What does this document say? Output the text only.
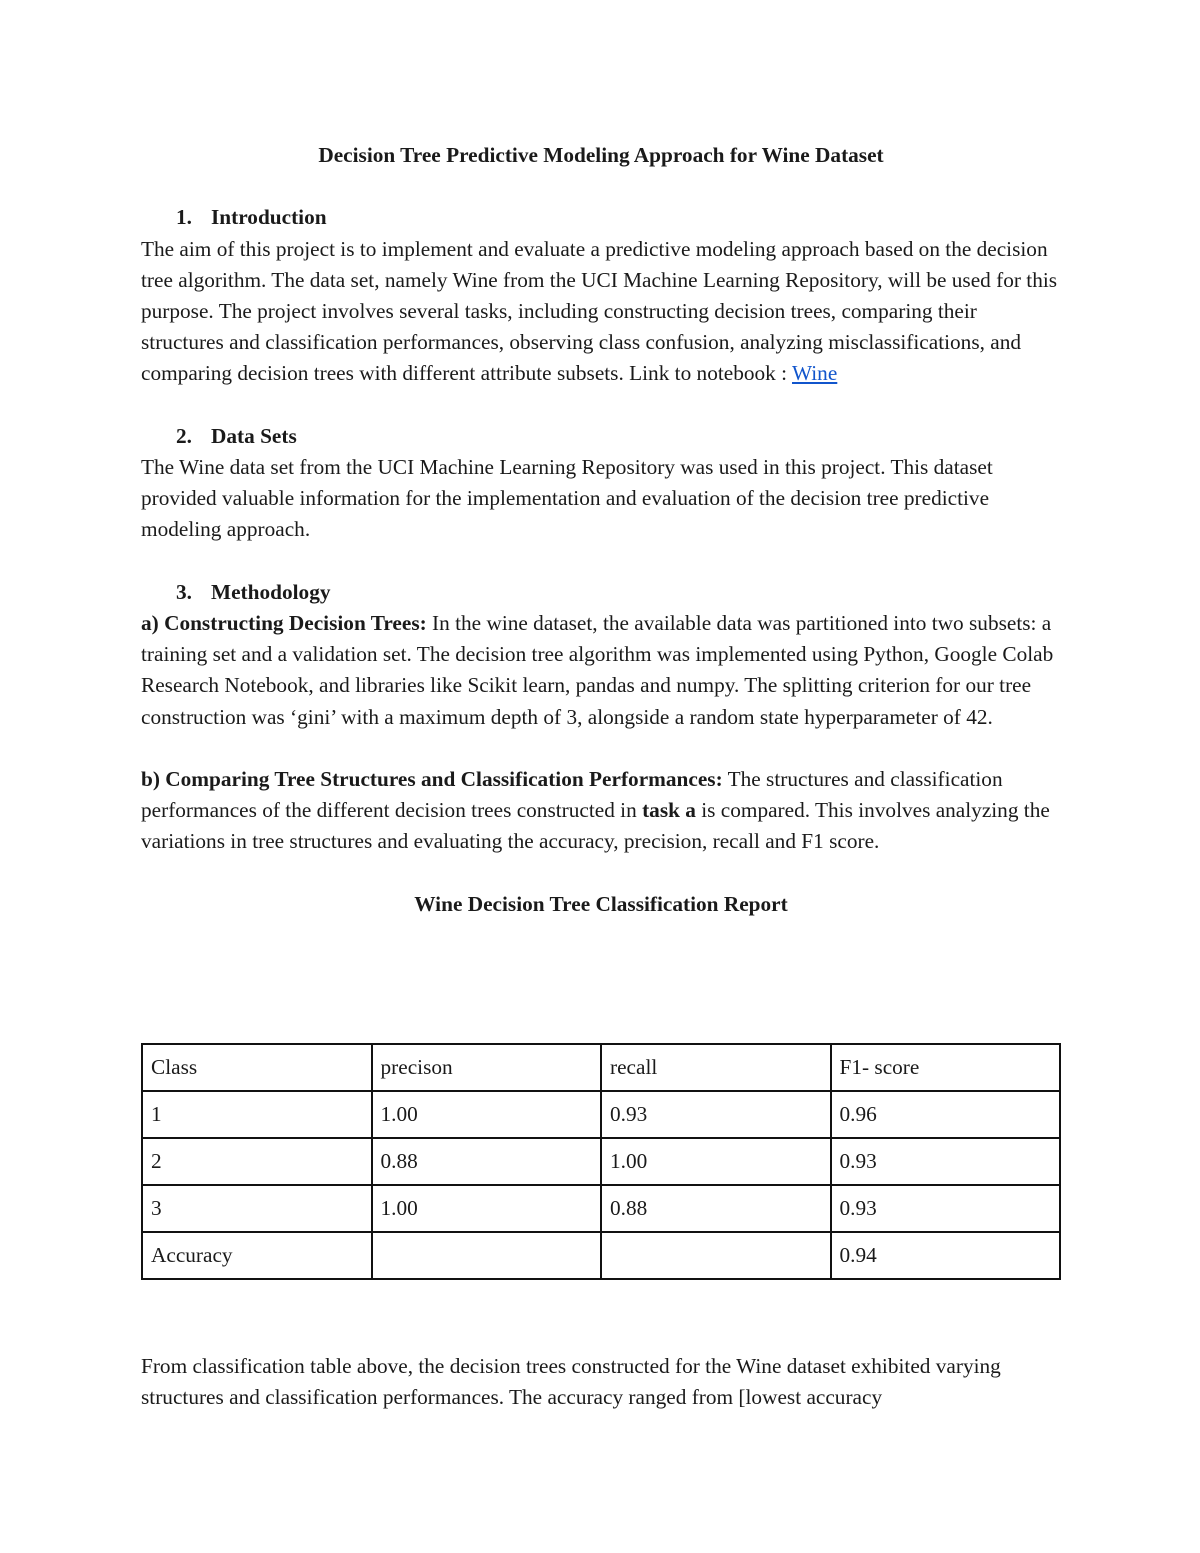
Decision Tree Predictive Modeling Approach for Wine Dataset

1. Introduction

The aim of this project is to implement and evaluate a predictive modeling approach based on the decision tree algorithm. The data set, namely Wine from the UCI Machine Learning Repository, will be used for this purpose. The project involves several tasks, including constructing decision trees, comparing their structures and classification performances, observing class confusion, analyzing misclassifications, and comparing decision trees with different attribute subsets. Link to notebook : Wine

2. Data Sets

The Wine data set from the UCI Machine Learning Repository was used in this project. This dataset provided valuable information for the implementation and evaluation of the decision tree predictive modeling approach.

3. Methodology

a) Constructing Decision Trees: In the wine dataset, the available data was partitioned into two subsets: a training set and a validation set. The decision tree algorithm was implemented using Python, Google Colab Research Notebook, and libraries like Scikit learn, pandas and numpy. The splitting criterion for our tree construction was ‘gini’ with a maximum depth of 3, alongside a random state hyperparameter of 42.

b) Comparing Tree Structures and Classification Performances: The structures and classification performances of the different decision trees constructed in task a is compared. This involves analyzing the variations in tree structures and evaluating the accuracy, precision, recall and F1 score.

Wine Decision Tree Classification Report

Class	precison	recall	F1- score
1	1.00	0.93	0.96
2	0.88	1.00	0.93
3	1.00	0.88	0.93
Accuracy			0.94

From classification table above, the decision trees constructed for the Wine dataset exhibited varying structures and classification performances. The accuracy ranged from [lowest accuracy
